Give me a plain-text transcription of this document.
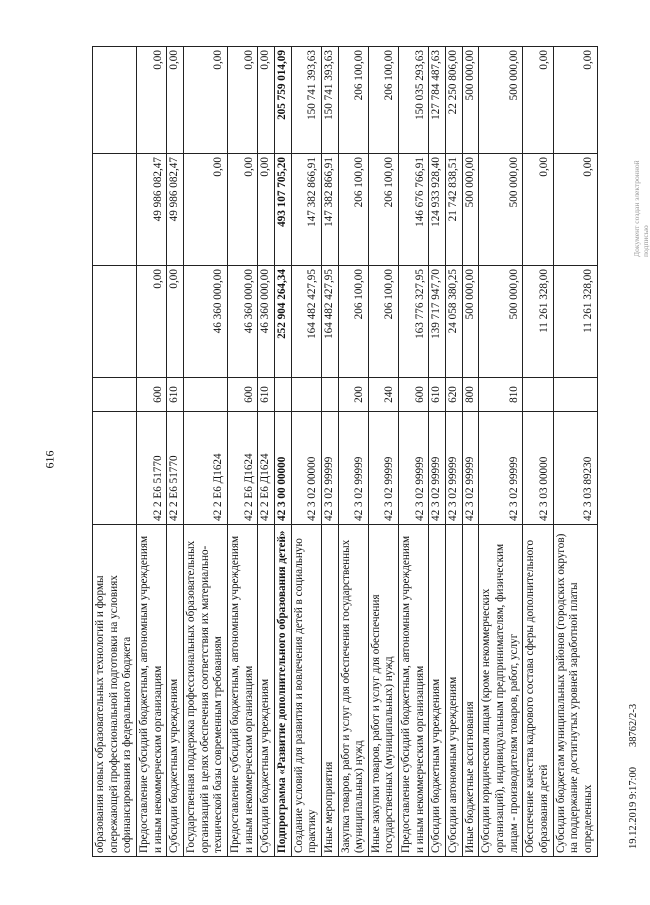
616
образования новых образовательных технологий и формы опережающей профессиональной подготовки на условиях софинансирования из федерального бюджета					
Предоставление субсидий бюджетным, автономным учреждениям и иным некоммерческим организациям	42 2 Е6 51770	600	0,00	49 986 082,47	0,00
Субсидии бюджетным учреждениям	42 2 Е6 51770	610	0,00	49 986 082,47	0,00
Государственная поддержка профессиональных образовательных организаций в целях обеспечения соответствия их материально-технической базы современным требованиям	42 2 Е6 Д1624		46 360 000,00	0,00	0,00
Предоставление субсидий бюджетным, автономным учреждениям и иным некоммерческим организациям	42 2 Е6 Д1624	600	46 360 000,00	0,00	0,00
Субсидии бюджетным учреждениям	42 2 Е6 Д1624	610	46 360 000,00	0,00	0,00
Подпрограмма «Развитие дополнительного образования детей»	42 3 00 00000		252 904 264,34	493 107 705,20	205 759 014,09
Создание условий для развития и вовлечения детей в социальную практику	42 3 02 00000		164 482 427,95	147 382 866,91	150 741 393,63
Иные мероприятия	42 3 02 99999		164 482 427,95	147 382 866,91	150 741 393,63
Закупка товаров, работ и услуг для обеспечения государственных (муниципальных) нужд	42 3 02 99999	200	206 100,00	206 100,00	206 100,00
Иные закупки товаров, работ и услуг для обеспечения государственных (муниципальных) нужд	42 3 02 99999	240	206 100,00	206 100,00	206 100,00
Предоставление субсидий бюджетным, автономным учреждениям и иным некоммерческим организациям	42 3 02 99999	600	163 776 327,95	146 676 766,91	150 035 293,63
Субсидии бюджетным учреждениям	42 3 02 99999	610	139 717 947,70	124 933 928,40	127 784 487,63
Субсидии автономным учреждениям	42 3 02 99999	620	24 058 380,25	21 742 838,51	22 250 806,00
Иные бюджетные ассигнования	42 3 02 99999	800	500 000,00	500 000,00	500 000,00
Субсидии юридическим лицам (кроме некоммерческих организаций), индивидуальным предпринимателям, физическим лицам - производителям товаров, работ, услуг	42 3 02 99999	810	500 000,00	500 000,00	500 000,00
Обеспечение качества кадрового состава сферы дополнительного образования детей	42 3 03 00000		11 261 328,00	0,00	0,00
Субсидии бюджетам муниципальных районов (городских округов) на поддержание достигнутых уровней заработной платы определенных	42 3 03 89230		11 261 328,00	0,00	0,00
19.12.2019 9:17:00
38762/2-3
Документ создан электронной подписью
